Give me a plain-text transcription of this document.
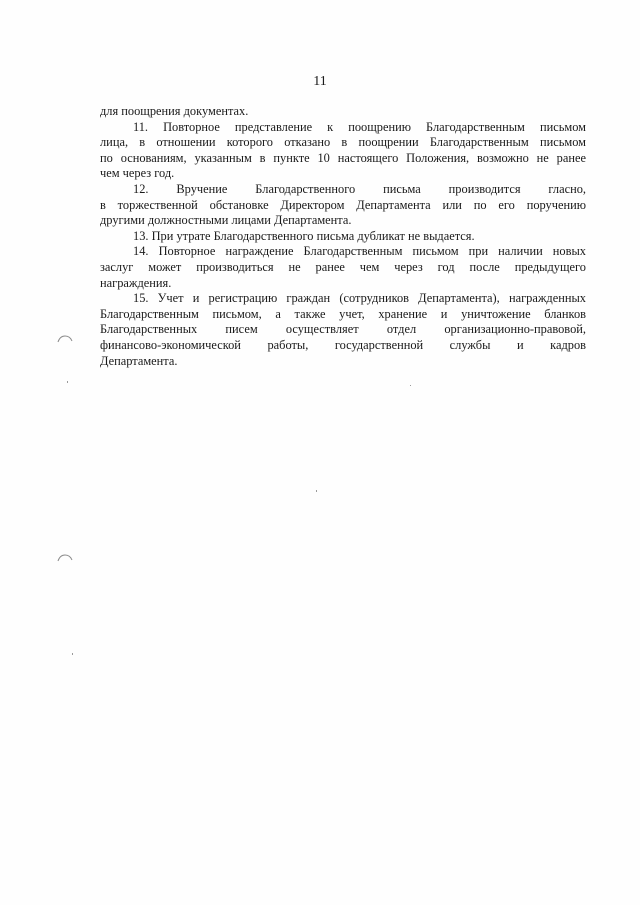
11
для поощрения документах.
11. Повторное представление к поощрению Благодарственным письмом
лица, в отношении которого отказано в поощрении Благодарственным письмом
по основаниям, указанным в пункте 10 настоящего Положения, возможно не ранее
чем через год.
12. Вручение Благодарственного письма производится гласно,
в торжественной обстановке Директором Департамента или по его поручению
другими должностными лицами Департамента.
13. При утрате Благодарственного письма дубликат не выдается.
14. Повторное награждение Благодарственным письмом при наличии новых
заслуг может производиться не ранее чем через год после предыдущего
награждения.
15. Учет и регистрацию граждан (сотрудников Департамента), награжденных
Благодарственным письмом, а также учет, хранение и уничтожение бланков
Благодарственных писем осуществляет отдел организационно-правовой,
финансово-экономической работы, государственной службы и кадров
Департамента.
